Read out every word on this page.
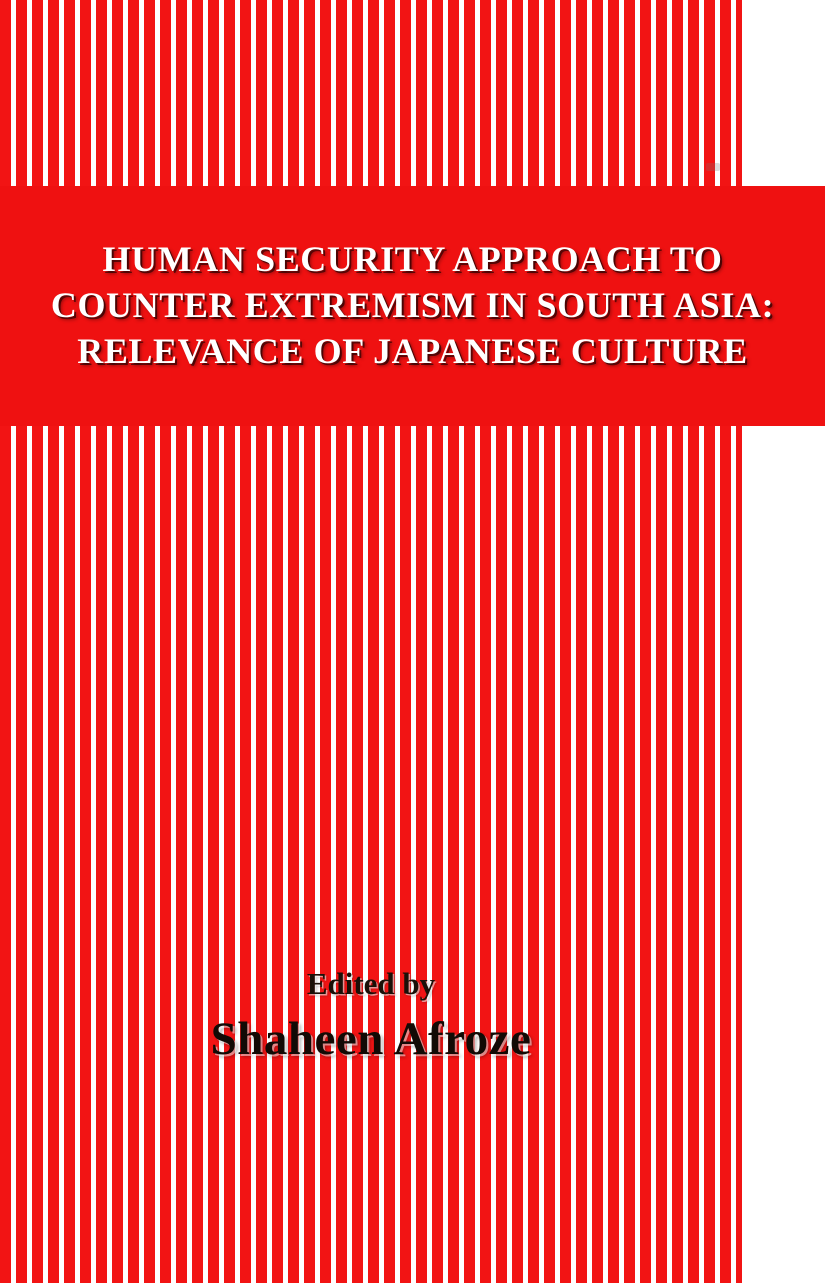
HUMAN SECURITY APPROACH TO
COUNTER EXTREMISM IN SOUTH ASIA:
RELEVANCE OF JAPANESE CULTURE
Edited by
Shaheen Afroze
